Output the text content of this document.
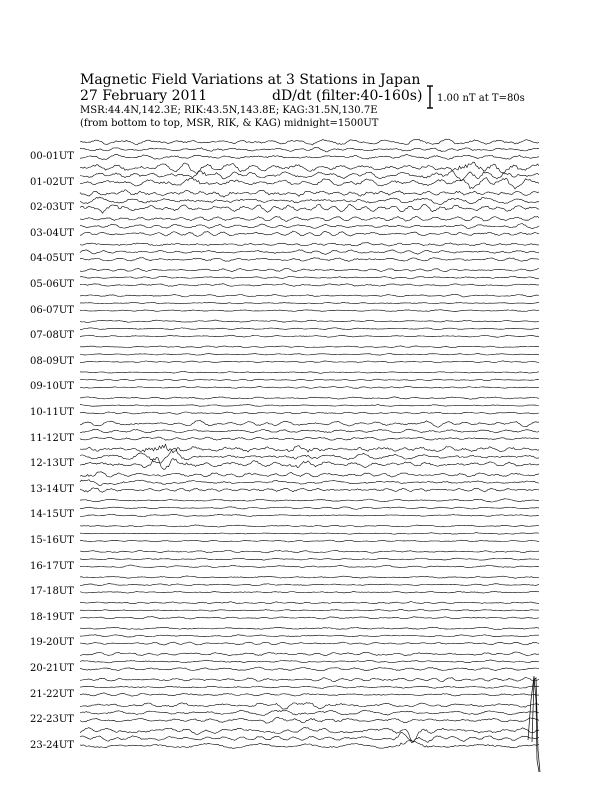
Magnetic Field Variations at 3 Stations in Japan
27 February 2011	dD/dt (filter:40-160s)
MSR:44.4N,142.3E; RIK:43.5N,143.8E; KAG:31.5N,130.7E
(from bottom to top, MSR, RIK, & KAG) midnight=1500UT
1.00 nT at T=80s
00-01UT
01-02UT
02-03UT
03-04UT
04-05UT
05-06UT
06-07UT
07-08UT
08-09UT
09-10UT
10-11UT
11-12UT
12-13UT
13-14UT
14-15UT
15-16UT
16-17UT
17-18UT
18-19UT
19-20UT
20-21UT
21-22UT
22-23UT
23-24UT
